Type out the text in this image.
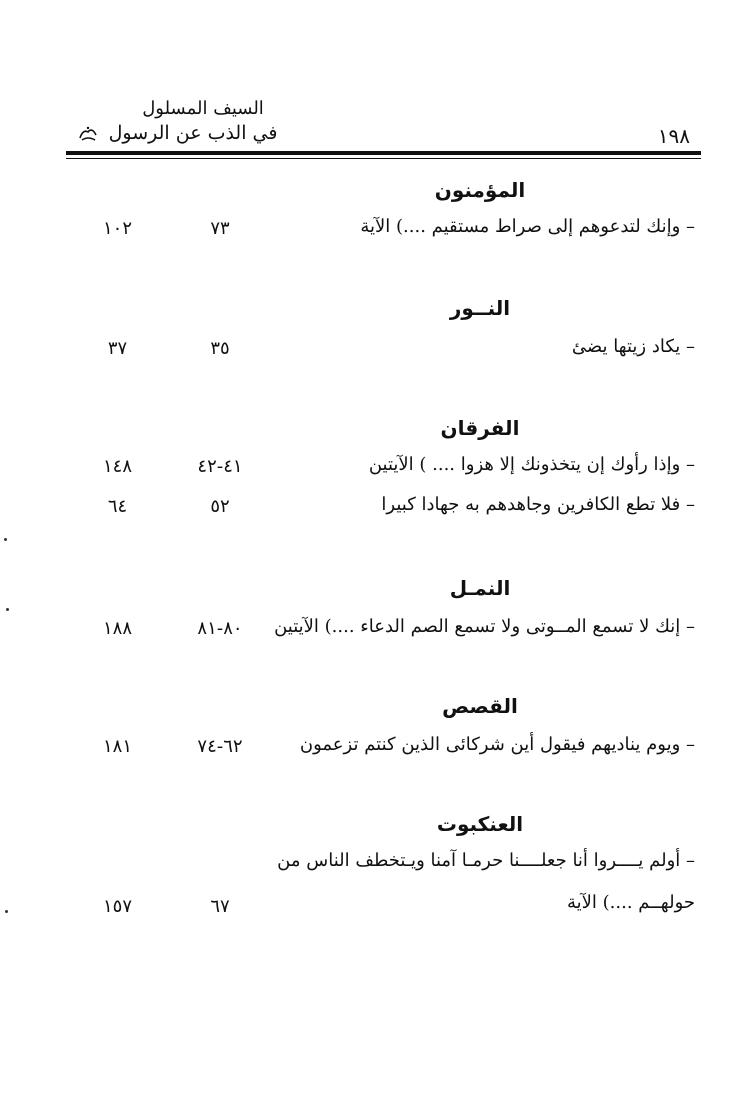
السيف المسلول
في الذب عن الرسول	١٩٨
المؤمنون
– وإنك لتدعوهم إلى صراط مستقيم ....) الآية
٧٣
١٠٢
النــور
– يكاد زيتها يضئ
٣٥
٣٧
الفرقان
– وإذا رأوك إن يتخذونك إلا هزوا .... ) الآيتين
٤١-٤٢
١٤٨
– فلا تطع الكافرين وجاهدهم به جهادا كبيرا
٥٢
٦٤
النمـل
– إنك لا تسمع المــوتى ولا تسمع الصم الدعاء ....) الآيتين
٨٠-٨١
١٨٨
القصص
– ويوم يناديهم فيقول أين شركائى الذين كنتم تزعمون
٦٢-٧٤
١٨١
العنكبوت
– أولم يــــروا أنا جعلــــنا حرمـا آمنا ويـتخطف الناس من
حولهــم ....) الآية
٦٧
١٥٧
